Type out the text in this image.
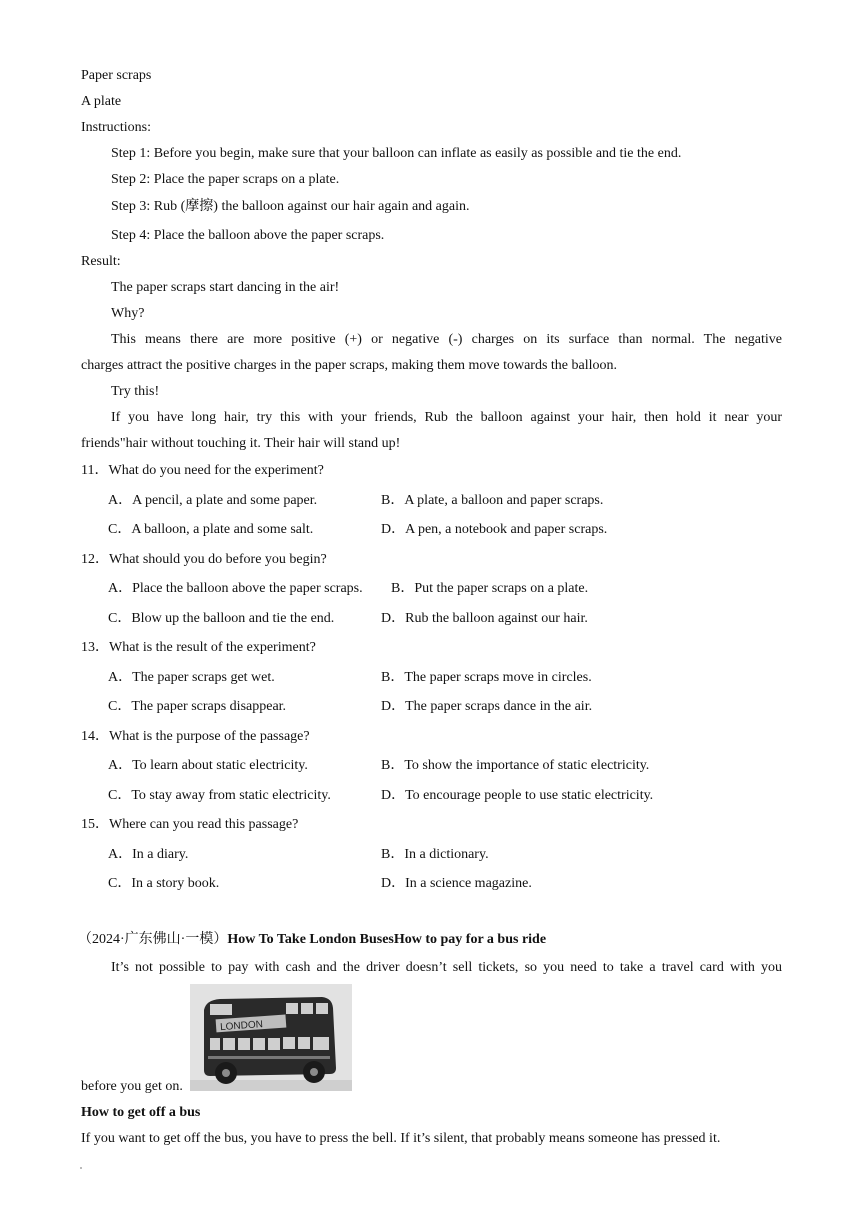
Paper scraps
A plate
Instructions:
Step 1: Before you begin, make sure that your balloon can inflate as easily as possible and tie the end.
Step 2: Place the paper scraps on a plate.
Step 3: Rub (摩擦) the balloon against our hair again and again.
Step 4: Place the balloon above the paper scraps.
Result:
The paper scraps start dancing in the air!
Why?
This means there are more positive (+) or negative (-) charges on its surface than normal. The negative
charges attract the positive charges in the paper scraps, making them move towards the balloon.
Try this!
If you have long hair, try this with your friends, Rub the balloon against your hair, then hold it near your
friends"hair without touching it. Their hair will stand up!
11．What do you need for the experiment?
A．A pencil, a plate and some paper.	B．A plate, a balloon and paper scraps.
C．A balloon, a plate and some salt.	D．A pen, a notebook and paper scraps.
12．What should you do before you begin?
A．Place the balloon above the paper scraps. B．Put the paper scraps on a plate.
C．Blow up the balloon and tie the end.	D．Rub the balloon against our hair.
13．What is the result of the experiment?
A．The paper scraps get wet.	B．The paper scraps move in circles.
C．The paper scraps disappear.	D．The paper scraps dance in the air.
14．What is the purpose of the passage?
A．To learn about static electricity.	B．To show the importance of static electricity.
C．To stay away from static electricity.	D．To encourage people to use static electricity.
15．Where can you read this passage?
A．In a diary.	B．In a dictionary.
C．In a story book.	D．In a science magazine.
（2024·广东佛山·一模）How To Take London BusesHow to pay for a bus ride
It’s not possible to pay with cash and the driver doesn’t sell tickets, so you need to take a travel card with you
LONDON
before you get on.
How to get off a bus
If you want to get off the bus, you have to press the bell. If it’s silent, that probably means someone has pressed it.
